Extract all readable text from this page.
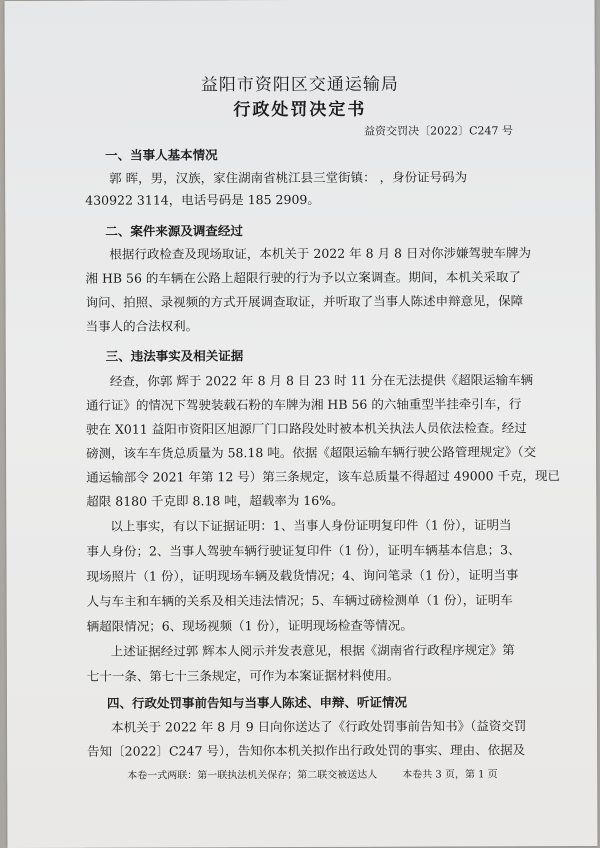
益阳市资阳区交通运输局
行政处罚决定书
益资交罚决〔2022〕C247 号
一、当事人基本情况
郭 晖，男，汉族，家住湖南省桃江县三堂街镇： ，身份证号码为
430922 3114，电话号码是 185 2909。
二、案件来源及调查经过
根据行政检查及现场取证，本机关于 2022 年 8 月 8 日对你涉嫌驾驶车牌为
湘 HB 56 的车辆在公路上超限行驶的行为予以立案调查。期间，本机关采取了
询问、拍照、录视频的方式开展调查取证，并听取了当事人陈述申辩意见，保障
当事人的合法权利。
三、违法事实及相关证据
经查，你郭 辉于 2022 年 8 月 8 日 23 时 11 分在无法提供《超限运输车辆
通行证》的情况下驾驶装载石粉的车牌为湘 HB 56 的六轴重型半挂牵引车，行
驶在 X011 益阳市资阳区旭源厂门口路段处时被本机关执法人员依法检查。经过
磅测，该车车货总质量为 58.18 吨。依据《超限运输车辆行驶公路管理规定》（交
通运输部令 2021 年第 12 号）第三条规定，该车总质量不得超过 49000 千克，现已
超限 8180 千克即 8.18 吨，超载率为 16%。
以上事实，有以下证据证明：1、当事人身份证明复印件（1 份），证明当
事人身份；2、当事人驾驶车辆行驶证复印件（1 份），证明车辆基本信息；3、
现场照片（1 份），证明现场车辆及载货情况；4、询问笔录（1 份），证明当事
人与车主和车辆的关系及相关违法情况；5、车辆过磅检测单（1 份），证明车
辆超限情况；6、现场视频（1 份），证明现场检查等情况。
上述证据经过郭 辉本人阅示并发表意见，根据《湖南省行政程序规定》第
七十一条、第七十三条规定，可作为本案证据材料使用。
四、行政处罚事前告知与当事人陈述、申辩、听证情况
本机关于 2022 年 8 月 9 日向你送达了《行政处罚事前告知书》（益资交罚
告知〔2022〕C247 号），告知你本机关拟作出行政处罚的事实、理由、依据及
本卷一式两联：第一联执法机关保存；第二联交被送达人 本卷共 3 页，第 1 页
